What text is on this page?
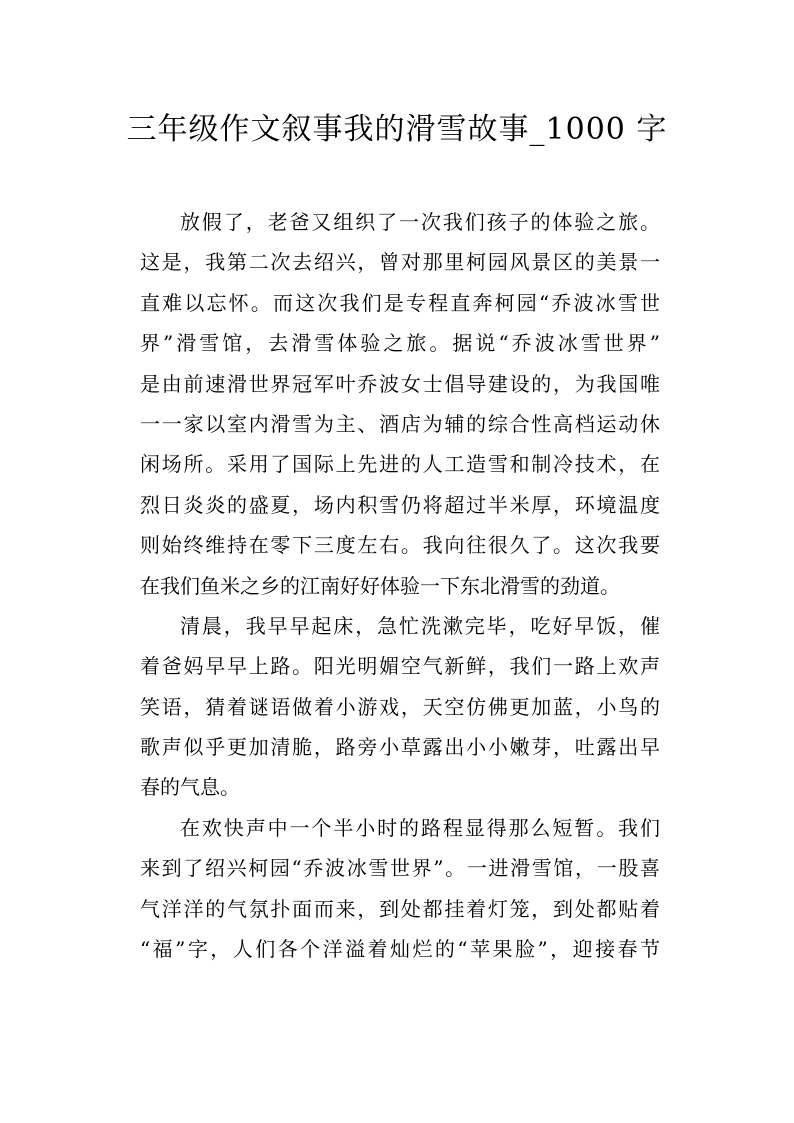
三年级作文叙事我的滑雪故事_1000 字
放假了，老爸又组织了一次我们孩子的体验之旅。
这是，我第二次去绍兴，曾对那里柯园风景区的美景一
直难以忘怀。而这次我们是专程直奔柯园“乔波冰雪世
界”滑雪馆，去滑雪体验之旅。据说“乔波冰雪世界”
是由前速滑世界冠军叶乔波女士倡导建设的，为我国唯
一一家以室内滑雪为主、酒店为辅的综合性高档运动休
闲场所。采用了国际上先进的人工造雪和制冷技术，在
烈日炎炎的盛夏，场内积雪仍将超过半米厚，环境温度
则始终维持在零下三度左右。我向往很久了。这次我要
在我们鱼米之乡的江南好好体验一下东北滑雪的劲道。
清晨，我早早起床，急忙洗漱完毕，吃好早饭，催
着爸妈早早上路。阳光明媚空气新鲜，我们一路上欢声
笑语，猜着谜语做着小游戏，天空仿佛更加蓝，小鸟的
歌声似乎更加清脆，路旁小草露出小小嫩芽，吐露出早
春的气息。
在欢快声中一个半小时的路程显得那么短暂。我们
来到了绍兴柯园“乔波冰雪世界”。一进滑雪馆，一股喜
气洋洋的气氛扑面而来，到处都挂着灯笼，到处都贴着
“福”字，人们各个洋溢着灿烂的“苹果脸”，迎接春节
